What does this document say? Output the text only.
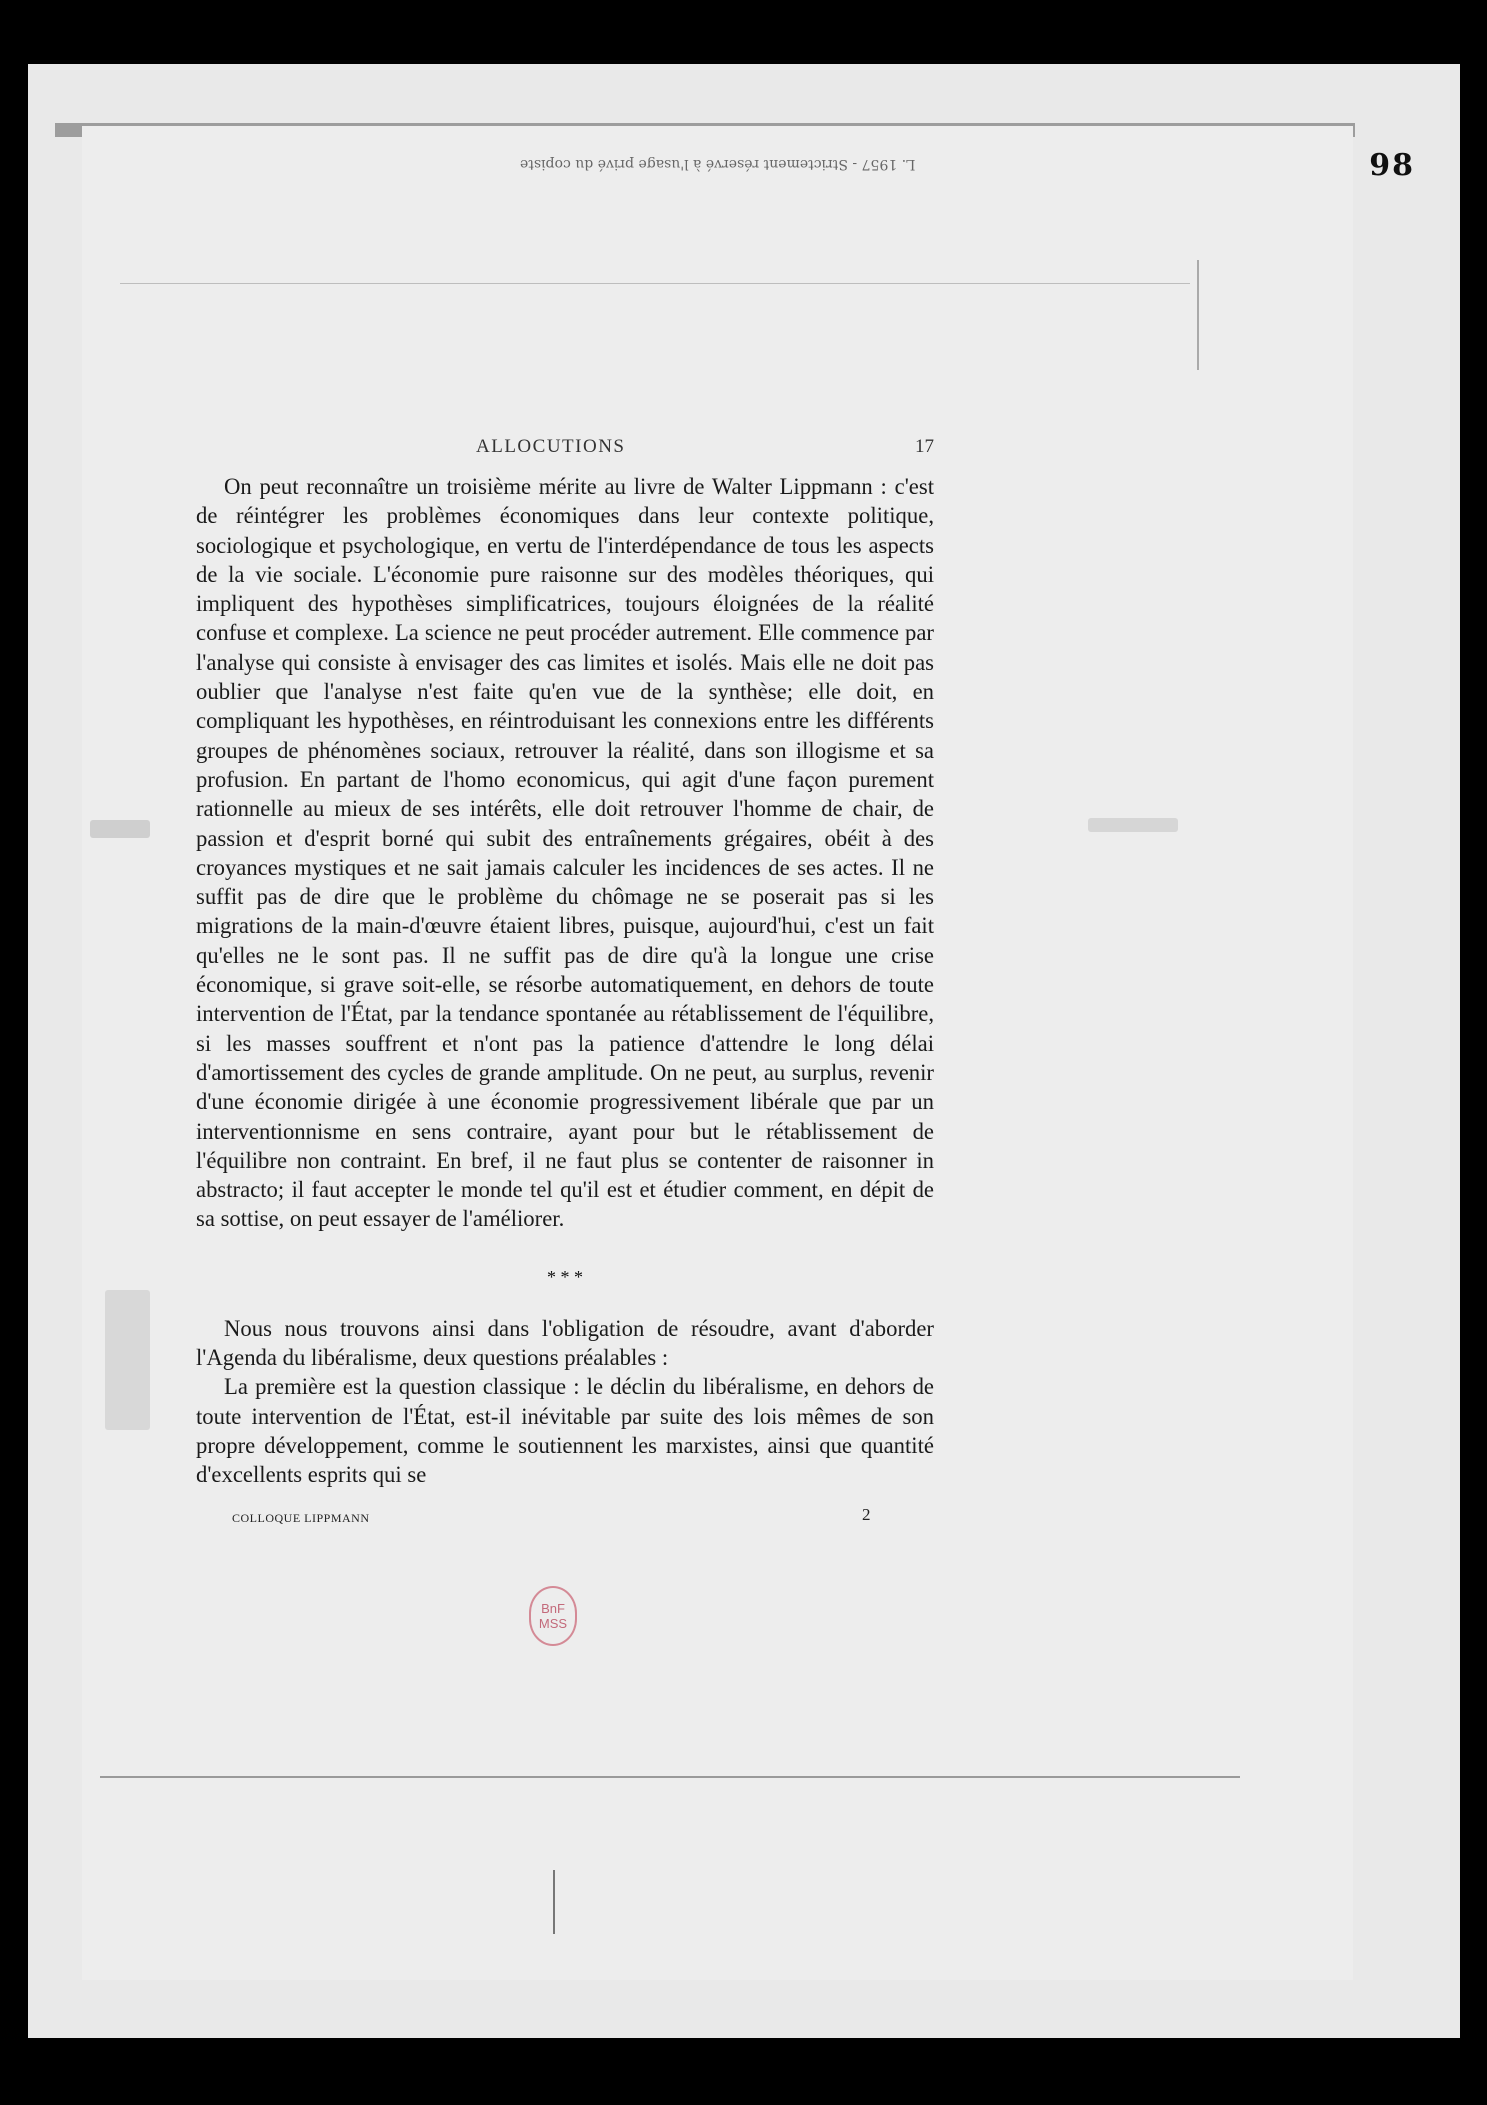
98
L. 1957 - Strictement réservé à l'usage privé du copiste
ALLOCUTIONS	17

On peut reconnaître un troisième mérite au livre de Walter Lippmann : c'est de réintégrer les problèmes économiques dans leur contexte politique, sociologique et psychologique, en vertu de l'interdépendance de tous les aspects de la vie sociale. L'économie pure raisonne sur des modèles théoriques, qui impliquent des hypothèses simplificatrices, toujours éloignées de la réalité confuse et complexe. La science ne peut procéder autrement. Elle commence par l'analyse qui consiste à envisager des cas limites et isolés. Mais elle ne doit pas oublier que l'analyse n'est faite qu'en vue de la synthèse; elle doit, en compliquant les hypothèses, en réintroduisant les connexions entre les différents groupes de phénomènes sociaux, retrouver la réalité, dans son illogisme et sa profusion. En partant de l'homo economicus, qui agit d'une façon purement rationnelle au mieux de ses intérêts, elle doit retrouver l'homme de chair, de passion et d'esprit borné qui subit des entraînements grégaires, obéit à des croyances mystiques et ne sait jamais calculer les incidences de ses actes. Il ne suffit pas de dire que le problème du chômage ne se poserait pas si les migrations de la main-d'œuvre étaient libres, puisque, aujourd'hui, c'est un fait qu'elles ne le sont pas. Il ne suffit pas de dire qu'à la longue une crise économique, si grave soit-elle, se résorbe automatiquement, en dehors de toute intervention de l'État, par la tendance spontanée au rétablissement de l'équilibre, si les masses souffrent et n'ont pas la patience d'attendre le long délai d'amortissement des cycles de grande amplitude. On ne peut, au surplus, revenir d'une économie dirigée à une économie progressivement libérale que par un interventionnisme en sens contraire, ayant pour but le rétablissement de l'équilibre non contraint. En bref, il ne faut plus se contenter de raisonner in abstracto; il faut accepter le monde tel qu'il est et étudier comment, en dépit de sa sottise, on peut essayer de l'améliorer.

* * *

Nous nous trouvons ainsi dans l'obligation de résoudre, avant d'aborder l'Agenda du libéralisme, deux questions préalables :

La première est la question classique : le déclin du libéralisme, en dehors de toute intervention de l'État, est-il inévitable par suite des lois mêmes de son propre développement, comme le soutiennent les marxistes, ainsi que quantité d'excellents esprits qui se

COLLOQUE LIPPMANN	2
BnF
MSS
